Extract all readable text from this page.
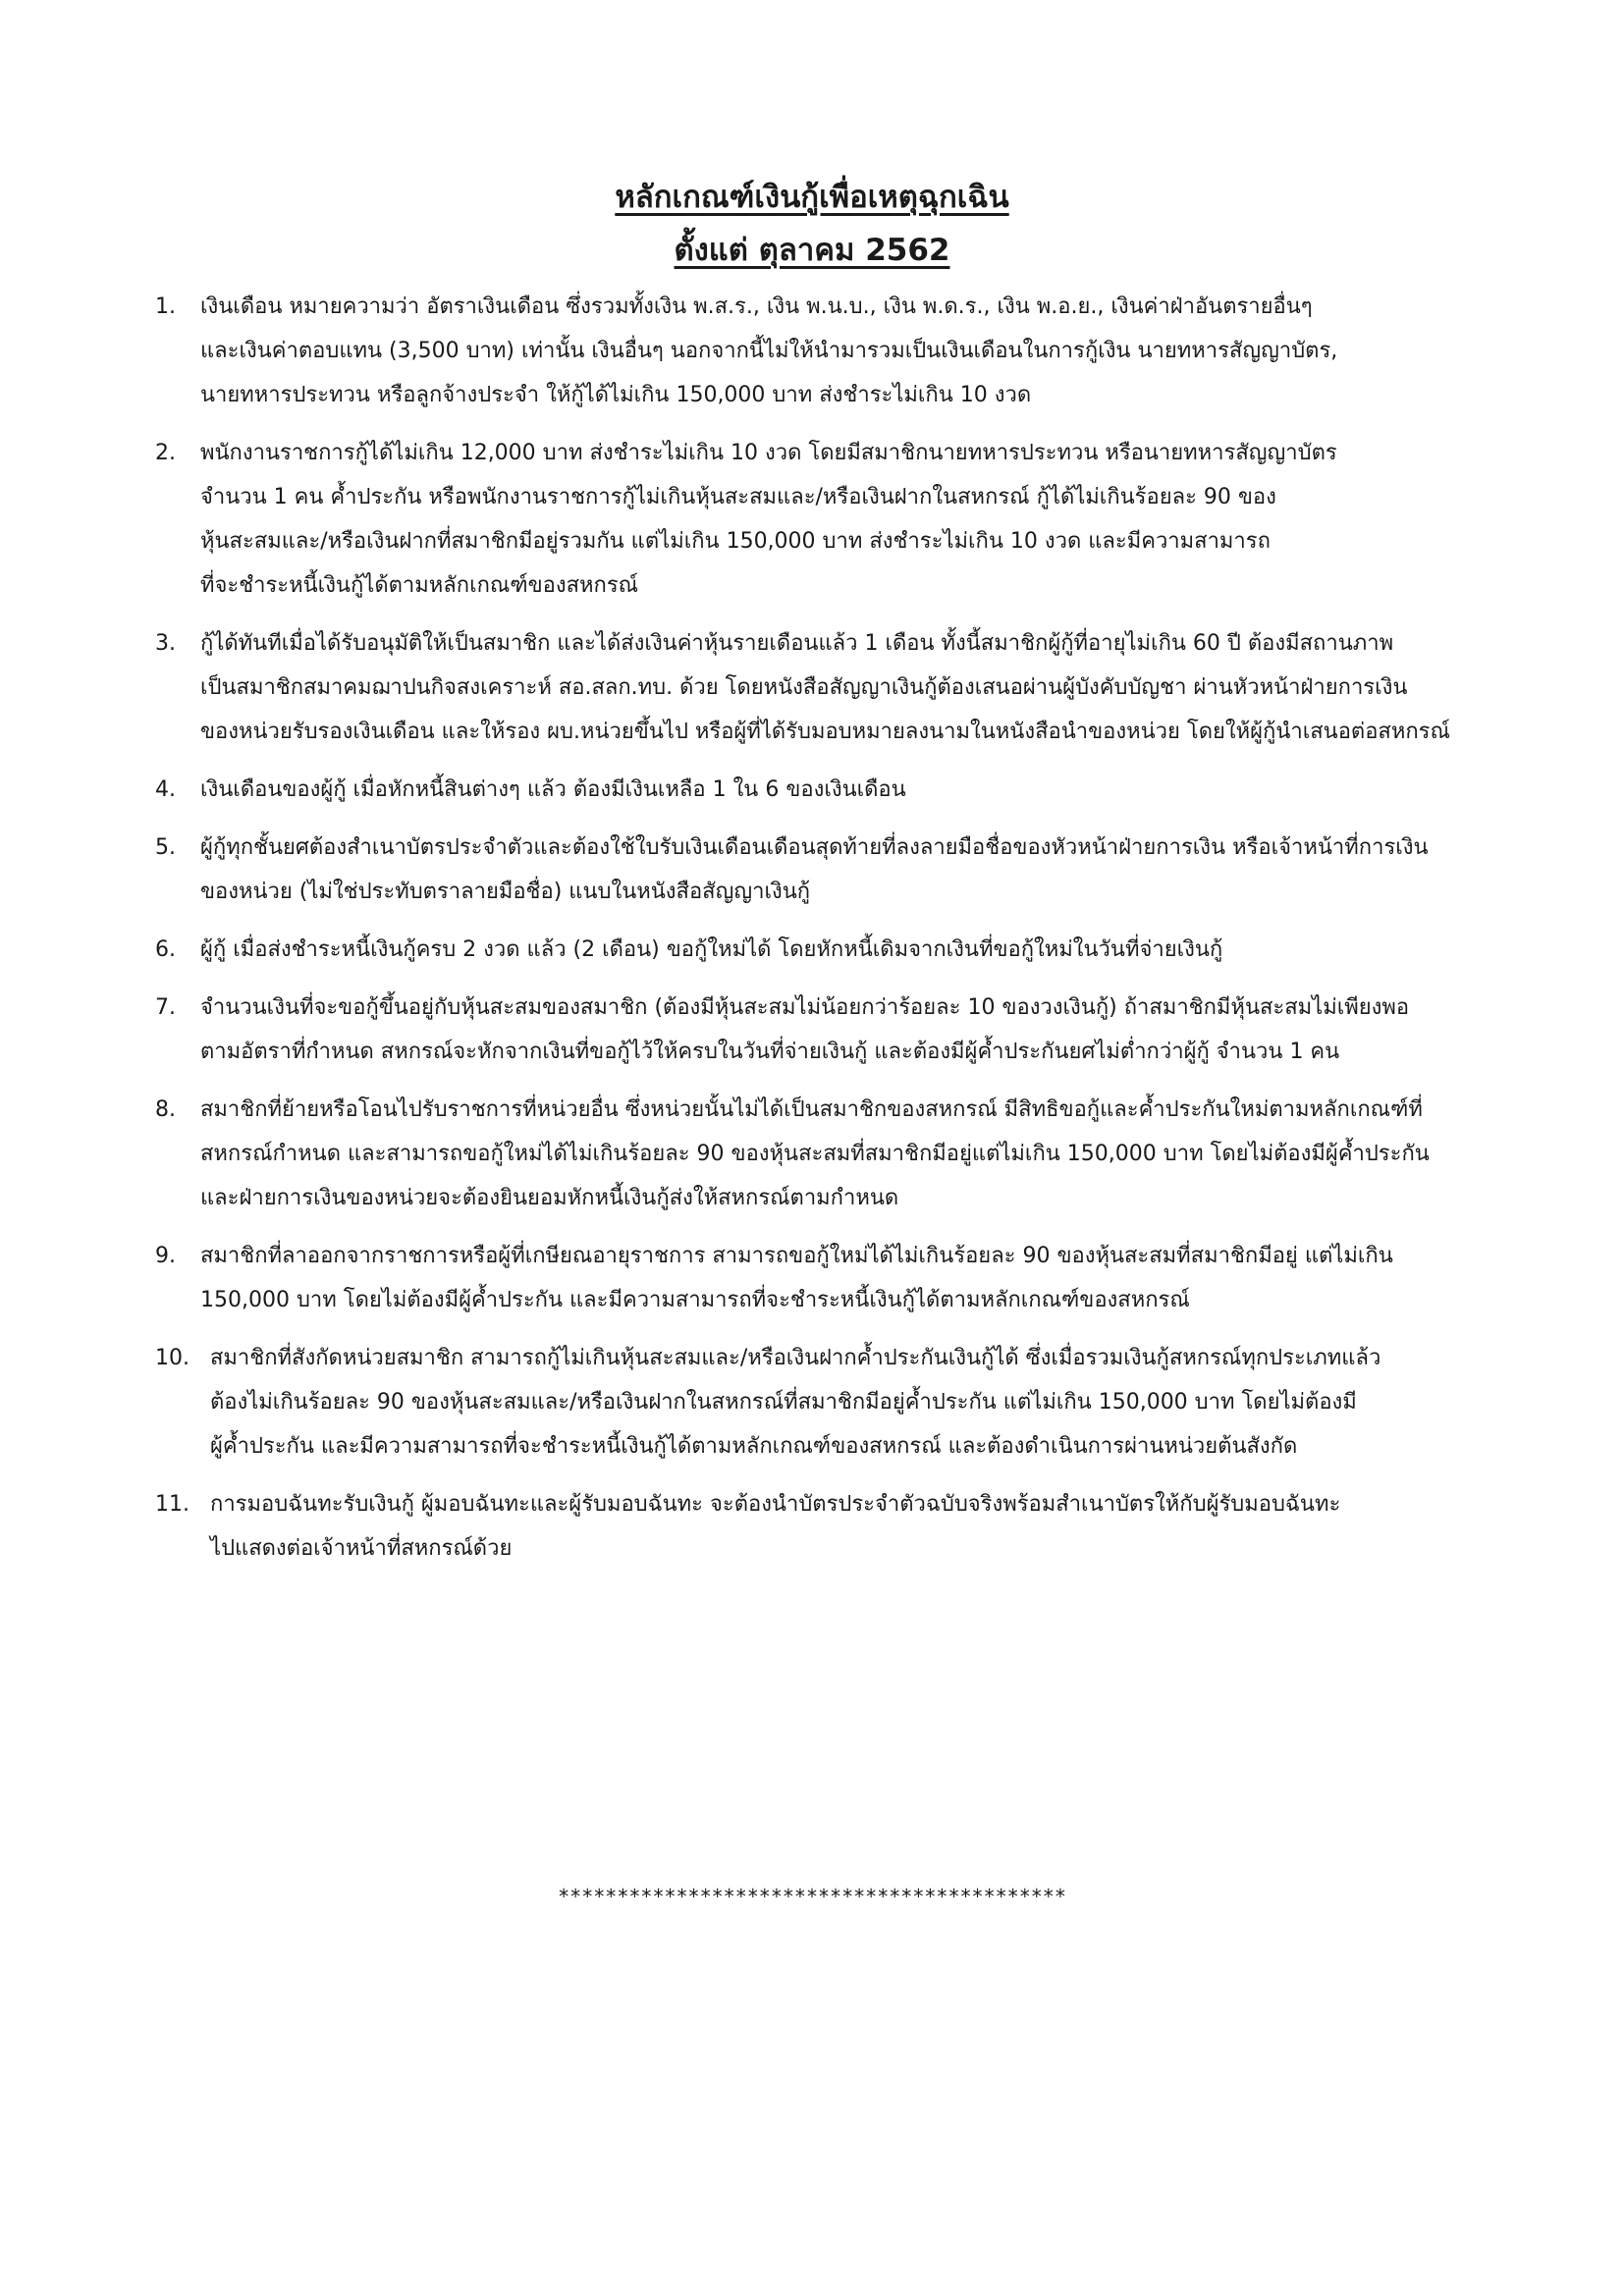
หลักเกณฑ์เงินกู้เพื่อเหตุฉุกเฉิน

ตั้งแต่ ตุลาคม 2562

1.	เงินเดือน หมายความว่า อัตราเงินเดือน ซึ่งรวมทั้งเงิน พ.ส.ร., เงิน พ.น.บ., เงิน พ.ด.ร., เงิน พ.อ.ย., เงินค่าฝ่าอันตรายอื่นๆ
และเงินค่าตอบแทน (3,500 บาท) เท่านั้น เงินอื่นๆ นอกจากนี้ไม่ให้นำมารวมเป็นเงินเดือนในการกู้เงิน นายทหารสัญญาบัตร,
นายทหารประทวน หรือลูกจ้างประจำ ให้กู้ได้ไม่เกิน 150,000 บาท ส่งชำระไม่เกิน 10 งวด
2.	พนักงานราชการกู้ได้ไม่เกิน 12,000 บาท ส่งชำระไม่เกิน 10 งวด โดยมีสมาชิกนายทหารประทวน หรือนายทหารสัญญาบัตร
จำนวน 1 คน ค้ำประกัน หรือพนักงานราชการกู้ไม่เกินหุ้นสะสมและ/หรือเงินฝากในสหกรณ์ กู้ได้ไม่เกินร้อยละ 90 ของ
หุ้นสะสมและ/หรือเงินฝากที่สมาชิกมีอยู่รวมกัน แต่ไม่เกิน 150,000 บาท ส่งชำระไม่เกิน 10 งวด และมีความสามารถ
ที่จะชำระหนี้เงินกู้ได้ตามหลักเกณฑ์ของสหกรณ์
3.	กู้ได้ทันทีเมื่อได้รับอนุมัติให้เป็นสมาชิก และได้ส่งเงินค่าหุ้นรายเดือนแล้ว 1 เดือน ทั้งนี้สมาชิกผู้กู้ที่อายุไม่เกิน 60 ปี ต้องมีสถานภาพ
เป็นสมาชิกสมาคมฌาปนกิจสงเคราะห์ สอ.สลก.ทบ. ด้วย โดยหนังสือสัญญาเงินกู้ต้องเสนอผ่านผู้บังคับบัญชา ผ่านหัวหน้าฝ่ายการเงิน
ของหน่วยรับรองเงินเดือน และให้รอง ผบ.หน่วยขึ้นไป หรือผู้ที่ได้รับมอบหมายลงนามในหนังสือนำของหน่วย โดยให้ผู้กู้นำเสนอต่อสหกรณ์
4.	เงินเดือนของผู้กู้ เมื่อหักหนี้สินต่างๆ แล้ว ต้องมีเงินเหลือ 1 ใน 6 ของเงินเดือน
5.	ผู้กู้ทุกชั้นยศต้องสำเนาบัตรประจำตัวและต้องใช้ใบรับเงินเดือนเดือนสุดท้ายที่ลงลายมือชื่อของหัวหน้าฝ่ายการเงิน หรือเจ้าหน้าที่การเงิน
ของหน่วย (ไม่ใช่ประทับตราลายมือชื่อ) แนบในหนังสือสัญญาเงินกู้
6.	ผู้กู้ เมื่อส่งชำระหนี้เงินกู้ครบ 2 งวด แล้ว (2 เดือน) ขอกู้ใหม่ได้ โดยหักหนี้เดิมจากเงินที่ขอกู้ใหม่ในวันที่จ่ายเงินกู้
7.	จำนวนเงินที่จะขอกู้ขึ้นอยู่กับหุ้นสะสมของสมาชิก (ต้องมีหุ้นสะสมไม่น้อยกว่าร้อยละ 10 ของวงเงินกู้) ถ้าสมาชิกมีหุ้นสะสมไม่เพียงพอ
ตามอัตราที่กำหนด สหกรณ์จะหักจากเงินที่ขอกู้ไว้ให้ครบในวันที่จ่ายเงินกู้ และต้องมีผู้ค้ำประกันยศไม่ต่ำกว่าผู้กู้ จำนวน 1 คน
8.	สมาชิกที่ย้ายหรือโอนไปรับราชการที่หน่วยอื่น ซึ่งหน่วยนั้นไม่ได้เป็นสมาชิกของสหกรณ์ มีสิทธิขอกู้และค้ำประกันใหม่ตามหลักเกณฑ์ที่
สหกรณ์กำหนด และสามารถขอกู้ใหม่ได้ไม่เกินร้อยละ 90 ของหุ้นสะสมที่สมาชิกมีอยู่แต่ไม่เกิน 150,000 บาท โดยไม่ต้องมีผู้ค้ำประกัน
และฝ่ายการเงินของหน่วยจะต้องยินยอมหักหนี้เงินกู้ส่งให้สหกรณ์ตามกำหนด
9.	สมาชิกที่ลาออกจากราชการหรือผู้ที่เกษียณอายุราชการ สามารถขอกู้ใหม่ได้ไม่เกินร้อยละ 90 ของหุ้นสะสมที่สมาชิกมีอยู่ แต่ไม่เกิน
150,000 บาท โดยไม่ต้องมีผู้ค้ำประกัน และมีความสามารถที่จะชำระหนี้เงินกู้ได้ตามหลักเกณฑ์ของสหกรณ์
10. สมาชิกที่สังกัดหน่วยสมาชิก สามารถกู้ไม่เกินหุ้นสะสมและ/หรือเงินฝากค้ำประกันเงินกู้ได้ ซึ่งเมื่อรวมเงินกู้สหกรณ์ทุกประเภทแล้ว
ต้องไม่เกินร้อยละ 90 ของหุ้นสะสมและ/หรือเงินฝากในสหกรณ์ที่สมาชิกมีอยู่ค้ำประกัน แต่ไม่เกิน 150,000 บาท โดยไม่ต้องมี
ผู้ค้ำประกัน และมีความสามารถที่จะชำระหนี้เงินกู้ได้ตามหลักเกณฑ์ของสหกรณ์ และต้องดำเนินการผ่านหน่วยต้นสังกัด
11. การมอบฉันทะรับเงินกู้ ผู้มอบฉันทะและผู้รับมอบฉันทะ จะต้องนำบัตรประจำตัวฉบับจริงพร้อมสำเนาบัตรให้กับผู้รับมอบฉันทะ
ไปแสดงต่อเจ้าหน้าที่สหกรณ์ด้วย
*******************************************
